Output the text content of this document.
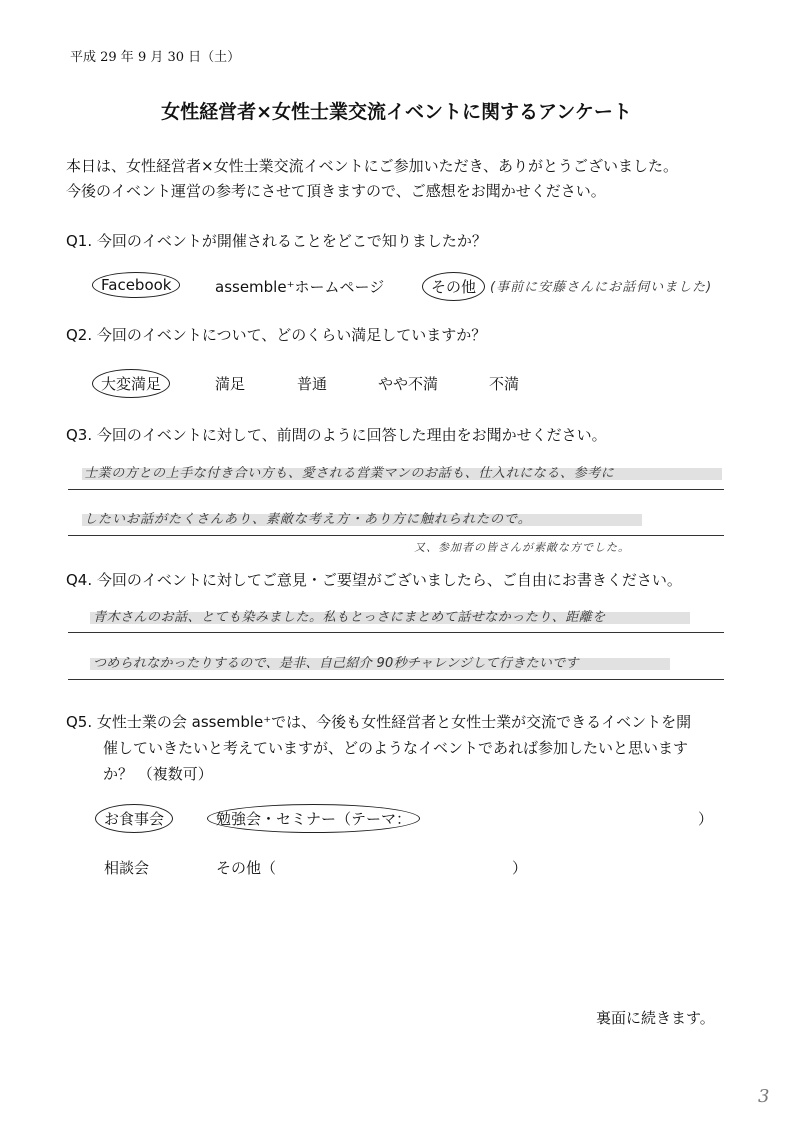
平成 29 年 9 月 30 日（土）
女性経営者×女性士業交流イベントに関するアンケート
本日は、女性経営者×女性士業交流イベントにご参加いただき、ありがとうございました。
今後のイベント運営の参考にさせて頂きますので、ご感想をお聞かせください。
Q1. 今回のイベントが開催されることをどこで知りましたか？
Facebook	assemble⁺ホームページ	その他	(事前に安藤さんにお話伺いました)
Q2. 今回のイベントについて、どのくらい満足していますか？
大変満足	満足	普通	やや不満	不満
Q3. 今回のイベントに対して、前問のように回答した理由をお聞かせください。
士業の方との上手な付き合い方も、愛される営業マンのお話も、仕入れになる、参考に
したいお話がたくさんあり、素敵な考え方・あり方に触れられたので。
又、参加者の皆さんが素敵な方でした。
Q4. 今回のイベントに対してご意見・ご要望がございましたら、ご自由にお書きください。
青木さんのお話、とても染みました。私もとっさにまとめて話せなかったり、距離を
つめられなかったりするので、是非、自己紹介 90秒チャレンジして行きたいです
Q5. 女性士業の会 assemble⁺では、今後も女性経営者と女性士業が交流できるイベントを開
催していきたいと考えていますが、どのようなイベントであれば参加したいと思います
か？ （複数可）
お食事会	勉強会・セミナー（テーマ：	）
相談会	その他（	）
裏面に続きます。
3
